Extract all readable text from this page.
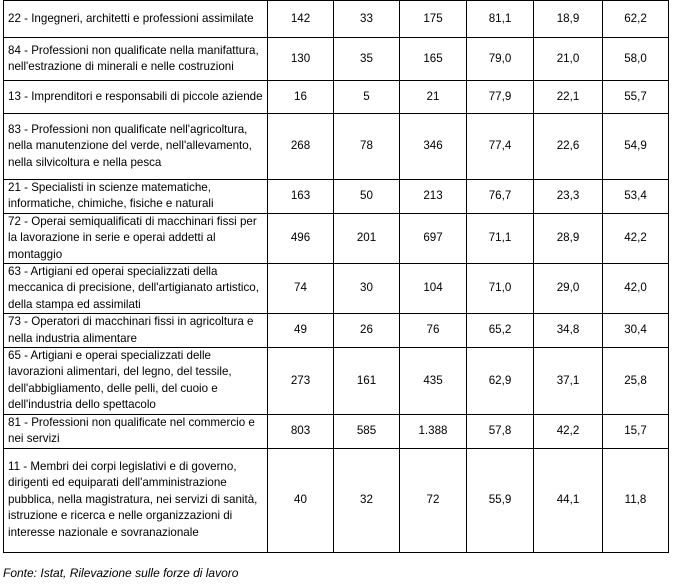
22 - Ingegneri, architetti e professioni assimilate	142	33	175	81,1	18,9	62,2
84 - Professioni non qualificate nella manifattura, nell'estrazione di minerali e nelle costruzioni	130	35	165	79,0	21,0	58,0
13 - Imprenditori e responsabili di piccole aziende	16	5	21	77,9	22,1	55,7
83 - Professioni non qualificate nell'agricoltura, nella manutenzione del verde, nell'allevamento, nella silvicoltura e nella pesca	268	78	346	77,4	22,6	54,9
21 - Specialisti in scienze matematiche, informatiche, chimiche, fisiche e naturali	163	50	213	76,7	23,3	53,4
72 - Operai semiqualificati di macchinari fissi per la lavorazione in serie e operai addetti al montaggio	496	201	697	71,1	28,9	42,2
63 - Artigiani ed operai specializzati della meccanica di precisione, dell'artigianato artistico, della stampa ed assimilati	74	30	104	71,0	29,0	42,0
73 - Operatori di macchinari fissi in agricoltura e nella industria alimentare	49	26	76	65,2	34,8	30,4
65 - Artigiani e operai specializzati delle lavorazioni alimentari, del legno, del tessile, dell'abbigliamento, delle pelli, del cuoio e dell'industria dello spettacolo	273	161	435	62,9	37,1	25,8
81 - Professioni non qualificate nel commercio e nei servizi	803	585	1.388	57,8	42,2	15,7
11 - Membri dei corpi legislativi e di governo, dirigenti ed equiparati dell'amministrazione pubblica, nella magistratura, nei servizi di sanità, istruzione e ricerca e nelle organizzazioni di interesse nazionale e sovranazionale	40	32	72	55,9	44,1	11,8
Fonte: Istat, Rilevazione sulle forze di lavoro
